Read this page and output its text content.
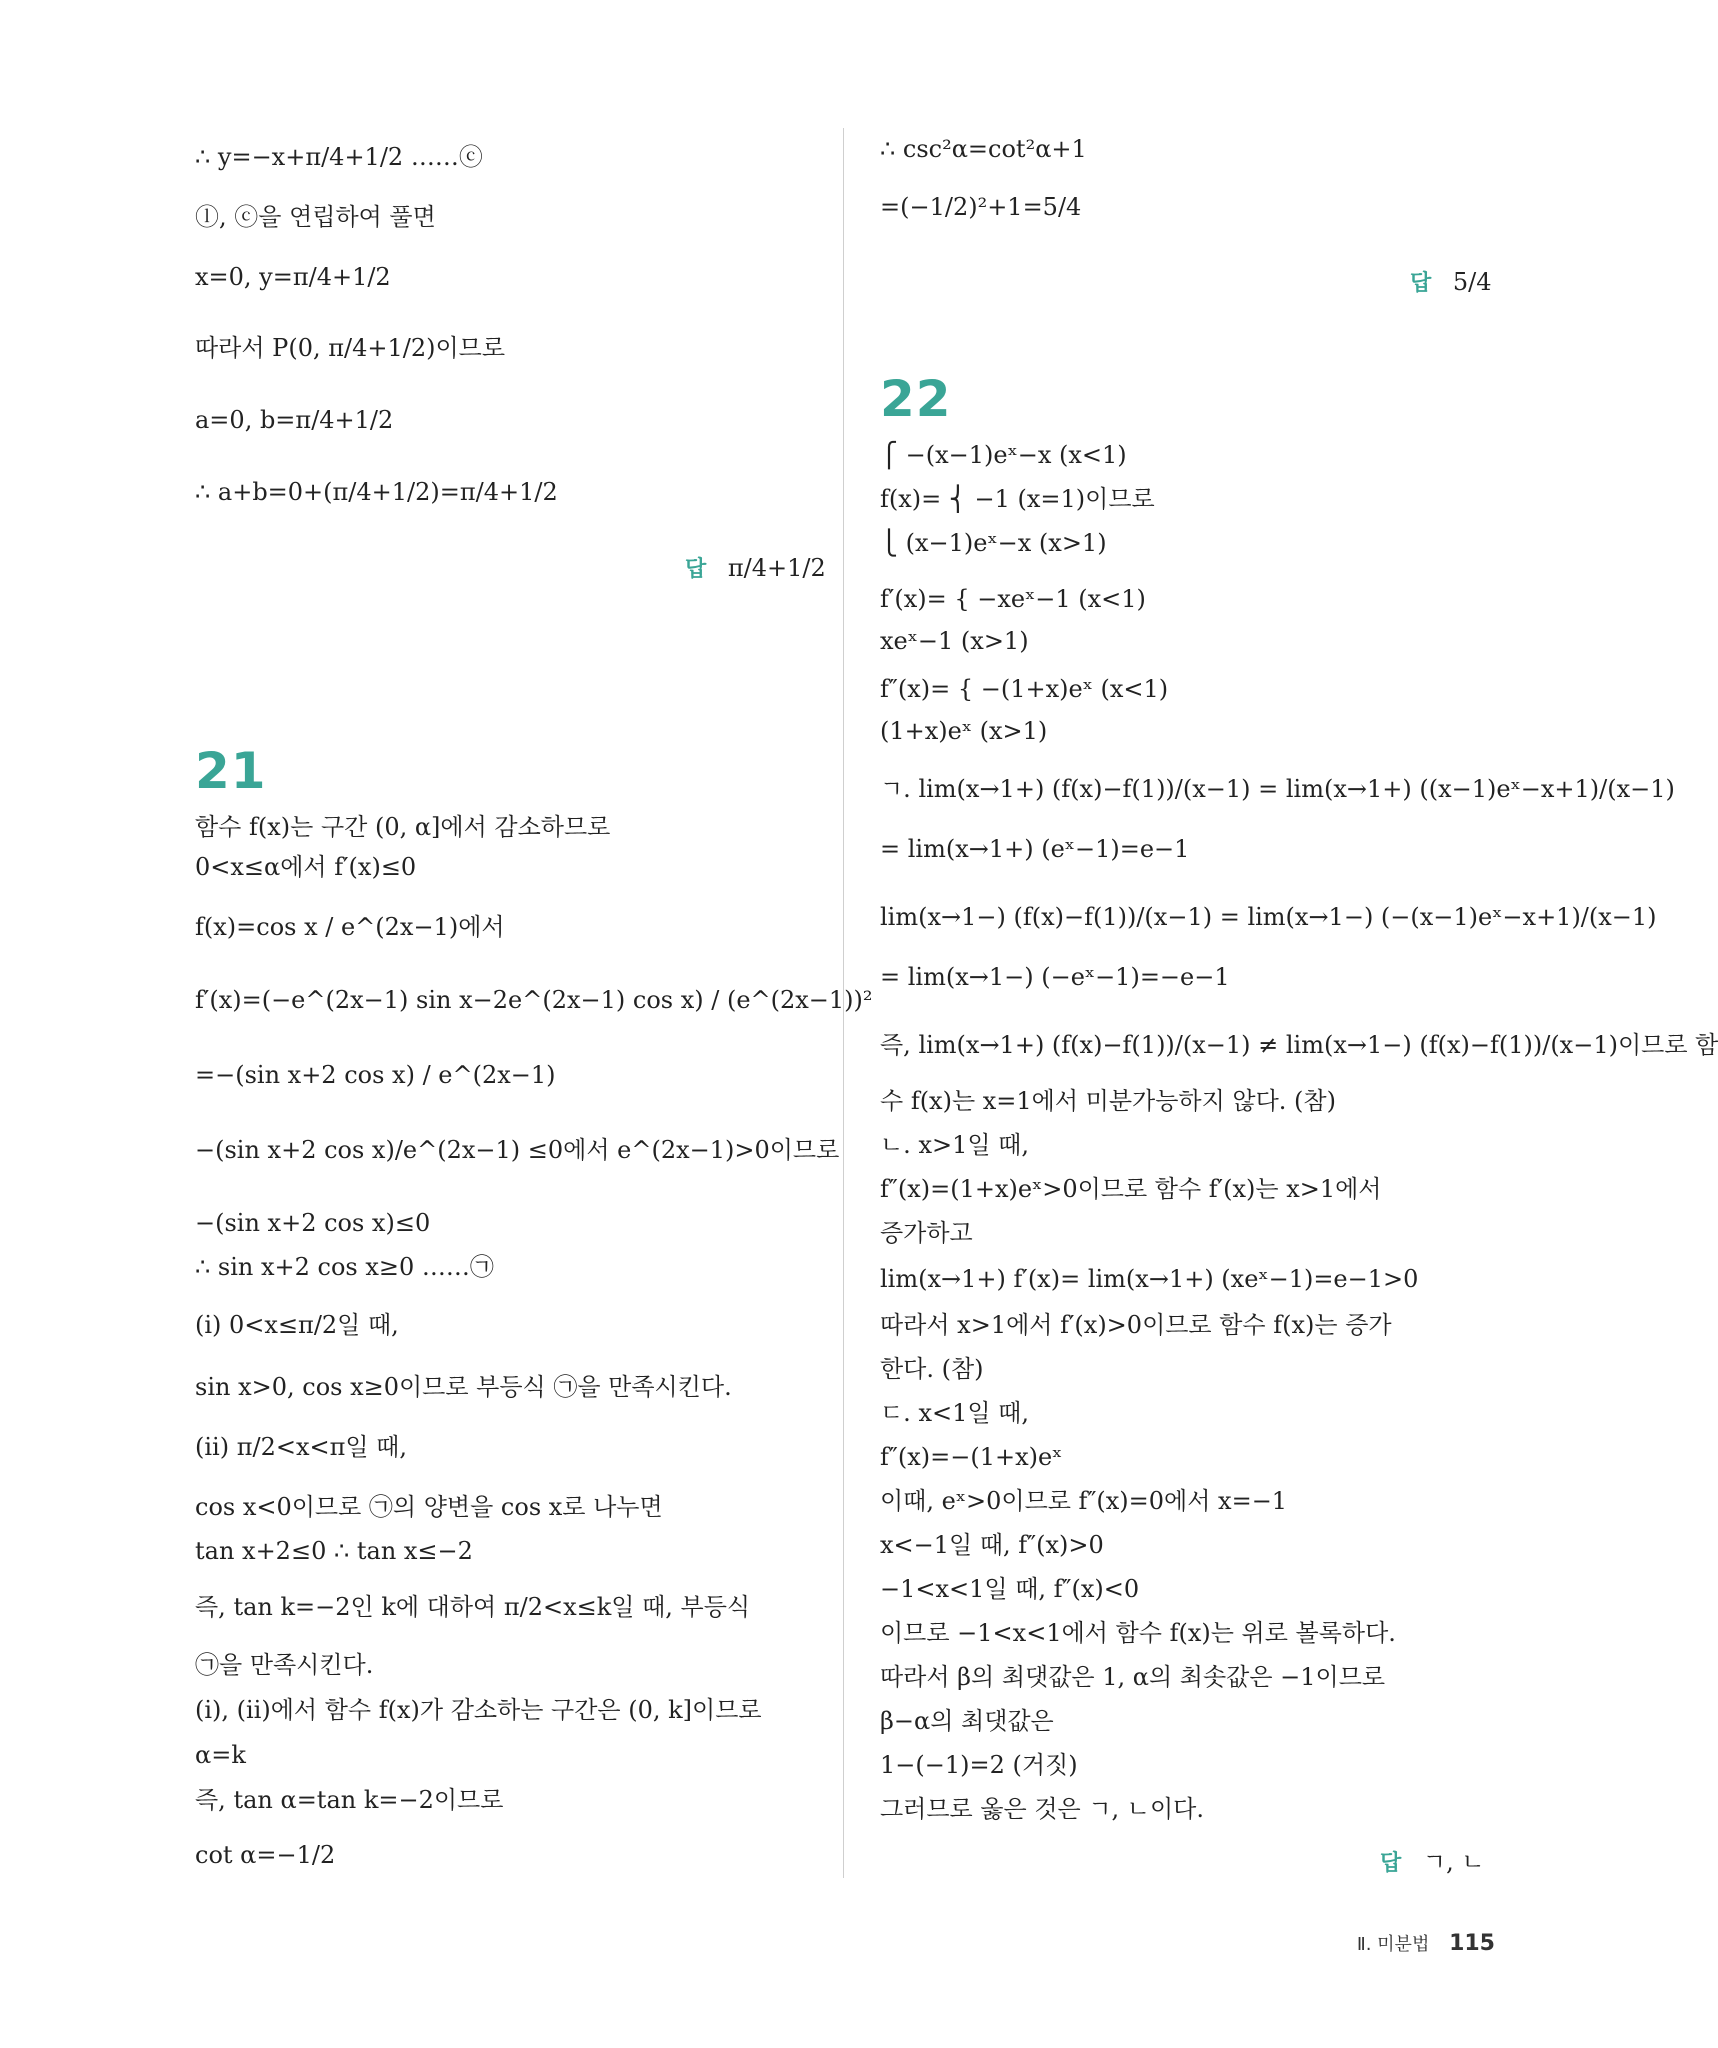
∴ y=−x+π/4+1/2 ……ⓒ
ⓛ, ⓒ을 연립하여 풀면
x=0, y=π/4+1/2
따라서 P(0, π/4+1/2)이므로
a=0, b=π/4+1/2
∴ a+b=0+(π/4+1/2)=π/4+1/2
답 π/4+1/2
21
함수 f(x)는 구간 (0, α]에서 감소하므로
0<x≤α에서 f′(x)≤0
f(x)=cos x / e^(2x−1)에서
f′(x)=(−e^(2x−1) sin x−2e^(2x−1) cos x) / (e^(2x−1))²
=−(sin x+2 cos x) / e^(2x−1)
−(sin x+2 cos x)/e^(2x−1) ≤0에서 e^(2x−1)>0이므로
−(sin x+2 cos x)≤0
∴ sin x+2 cos x≥0 ……㉠
(ⅰ) 0<x≤π/2일 때,
sin x>0, cos x≥0이므로 부등식 ㉠을 만족시킨다.
(ⅱ) π/2<x<π일 때,
cos x<0이므로 ㉠의 양변을 cos x로 나누면
tan x+2≤0 ∴ tan x≤−2
즉, tan k=−2인 k에 대하여 π/2<x≤k일 때, 부등식
㉠을 만족시킨다.
(ⅰ), (ⅱ)에서 함수 f(x)가 감소하는 구간은 (0, k]이므로
α=k
즉, tan α=tan k=−2이므로
cot α=−1/2
∴ csc²α=cot²α+1
=(−1/2)²+1=5/4
답 5/4
22
⎧ −(x−1)eˣ−x (x<1)
f(x)= ⎨ −1 (x=1)이므로
⎩ (x−1)eˣ−x (x>1)
f′(x)= { −xeˣ−1 (x<1)
xeˣ−1 (x>1)
f″(x)= { −(1+x)eˣ (x<1)
(1+x)eˣ (x>1)
ㄱ. lim(x→1+) (f(x)−f(1))/(x−1) = lim(x→1+) ((x−1)eˣ−x+1)/(x−1)
= lim(x→1+) (eˣ−1)=e−1
lim(x→1−) (f(x)−f(1))/(x−1) = lim(x→1−) (−(x−1)eˣ−x+1)/(x−1)
= lim(x→1−) (−eˣ−1)=−e−1
즉, lim(x→1+) (f(x)−f(1))/(x−1) ≠ lim(x→1−) (f(x)−f(1))/(x−1)이므로 함
수 f(x)는 x=1에서 미분가능하지 않다. (참)
ㄴ. x>1일 때,
f″(x)=(1+x)eˣ>0이므로 함수 f′(x)는 x>1에서
증가하고
lim(x→1+) f′(x)= lim(x→1+) (xeˣ−1)=e−1>0
따라서 x>1에서 f′(x)>0이므로 함수 f(x)는 증가
한다. (참)
ㄷ. x<1일 때,
f″(x)=−(1+x)eˣ
이때, eˣ>0이므로 f″(x)=0에서 x=−1
x<−1일 때, f″(x)>0
−1<x<1일 때, f″(x)<0
이므로 −1<x<1에서 함수 f(x)는 위로 볼록하다.
따라서 β의 최댓값은 1, α의 최솟값은 −1이므로
β−α의 최댓값은
1−(−1)=2 (거짓)
그러므로 옳은 것은 ㄱ, ㄴ이다.
답 ㄱ, ㄴ
Ⅱ. 미분법 115
